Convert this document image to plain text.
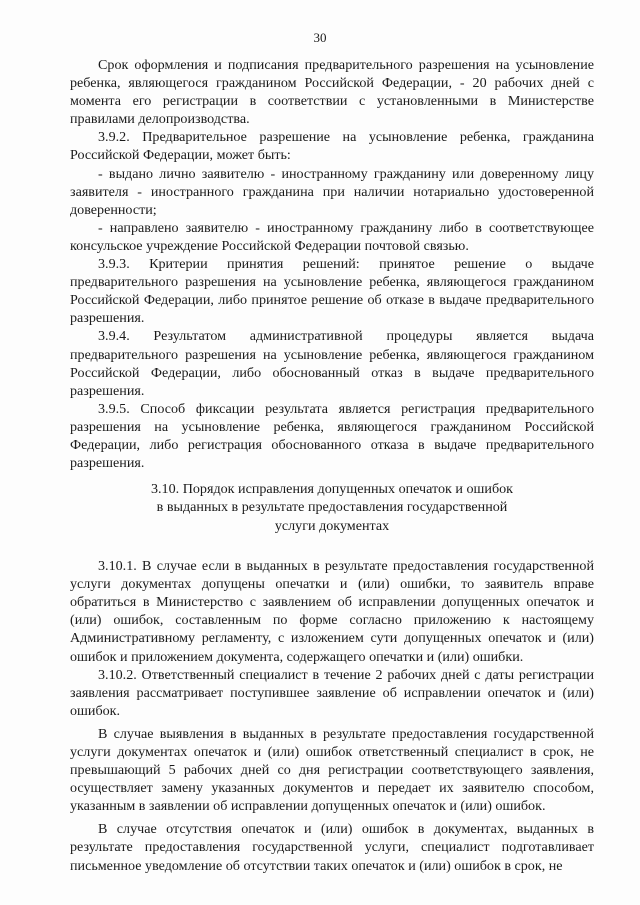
30

Срок оформления и подписания предварительного разрешения на усыновление ребенка, являющегося гражданином Российской Федерации, - 20 рабочих дней с момента его регистрации в соответствии с установленными в Министерстве правилами делопроизводства.

3.9.2. Предварительное разрешение на усыновление ребенка, гражданина Российской Федерации, может быть:

- выдано лично заявителю - иностранному гражданину или доверенному лицу заявителя - иностранного гражданина при наличии нотариально удостоверенной доверенности;

- направлено заявителю - иностранному гражданину либо в соответствующее консульское учреждение Российской Федерации почтовой связью.

3.9.3. Критерии принятия решений: принятое решение о выдаче предварительного разрешения на усыновление ребенка, являющегося гражданином Российской Федерации, либо принятое решение об отказе в выдаче предварительного разрешения.

3.9.4. Результатом административной процедуры является выдача предварительного разрешения на усыновление ребенка, являющегося гражданином Российской Федерации, либо обоснованный отказ в выдаче предварительного разрешения.

3.9.5. Способ фиксации результата является регистрация предварительного разрешения на усыновление ребенка, являющегося гражданином Российской Федерации, либо регистрация обоснованного отказа в выдаче предварительного разрешения.

3.10. Порядок исправления допущенных опечаток и ошибок
в выданных в результате предоставления государственной
услуги документах

3.10.1. В случае если в выданных в результате предоставления государственной услуги документах допущены опечатки и (или) ошибки, то заявитель вправе обратиться в Министерство с заявлением об исправлении допущенных опечаток и (или) ошибок, составленным по форме согласно приложению к настоящему Административному регламенту, с изложением сути допущенных опечаток и (или) ошибок и приложением документа, содержащего опечатки и (или) ошибки.

3.10.2. Ответственный специалист в течение 2 рабочих дней с даты регистрации заявления рассматривает поступившее заявление об исправлении опечаток и (или) ошибок.

В случае выявления в выданных в результате предоставления государственной услуги документах опечаток и (или) ошибок ответственный специалист в срок, не превышающий 5 рабочих дней со дня регистрации соответствующего заявления, осуществляет замену указанных документов и передает их заявителю способом, указанным в заявлении об исправлении допущенных опечаток и (или) ошибок.

В случае отсутствия опечаток и (или) ошибок в документах, выданных в результате предоставления государственной услуги, специалист подготавливает письменное уведомление об отсутствии таких опечаток и (или) ошибок в срок, не
